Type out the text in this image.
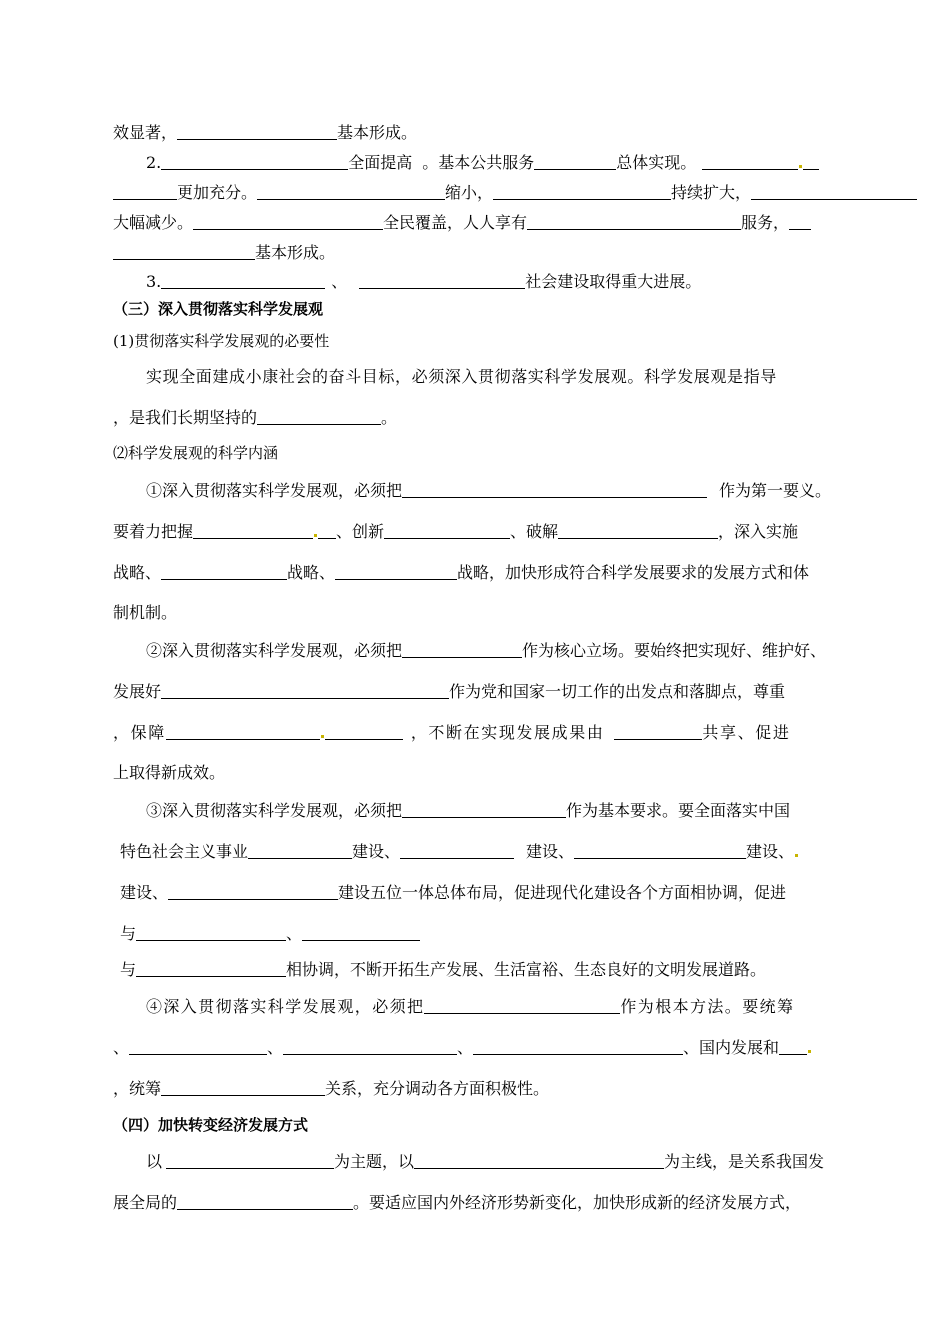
效显著，	基本形成。
2.	全面提高 。基本公共服务	总体实现。
更加充分。	缩小，	持续扩大，
大幅减少。	全民覆盖，人人享有	服务，
基本形成。
3.	、	社会建设取得重大进展。
（三）深入贯彻落实科学发展观
(1)贯彻落实科学发展观的必要性
实现全面建成小康社会的奋斗目标，必须深入贯彻落实科学发展观。科学发展观是指导
，是我们长期坚持的	。
⑵科学发展观的科学内涵
①深入贯彻落实科学发展观，必须把	作为第一要义。
要着力把握	、创新	、破解	，深入实施
战略、	战略、	战略，加快形成符合科学发展要求的发展方式和体
制机制。
②深入贯彻落实科学发展观，必须把	作为核心立场。要始终把实现好、维护好、
发展好	作为党和国家一切工作的出发点和落脚点，尊重
，保障	，不断在实现发展成果由	共享、促进
上取得新成效。
③深入贯彻落实科学发展观，必须把	作为基本要求。要全面落实中国
特色社会主义事业	建设、	建设、	建设、
建设、	建设五位一体总体布局，促进现代化建设各个方面相协调，促进
与	、
与	相协调，不断开拓生产发展、生活富裕、生态良好的文明发展道路。
④深入贯彻落实科学发展观，必须把	作为根本方法。要统筹
、	、	、	、国内发展和
，统筹	关系，充分调动各方面积极性。
（四）加快转变经济发展方式
以	为主题，以	为主线，是关系我国发
展全局的	。要适应国内外经济形势新变化，加快形成新的经济发展方式，
